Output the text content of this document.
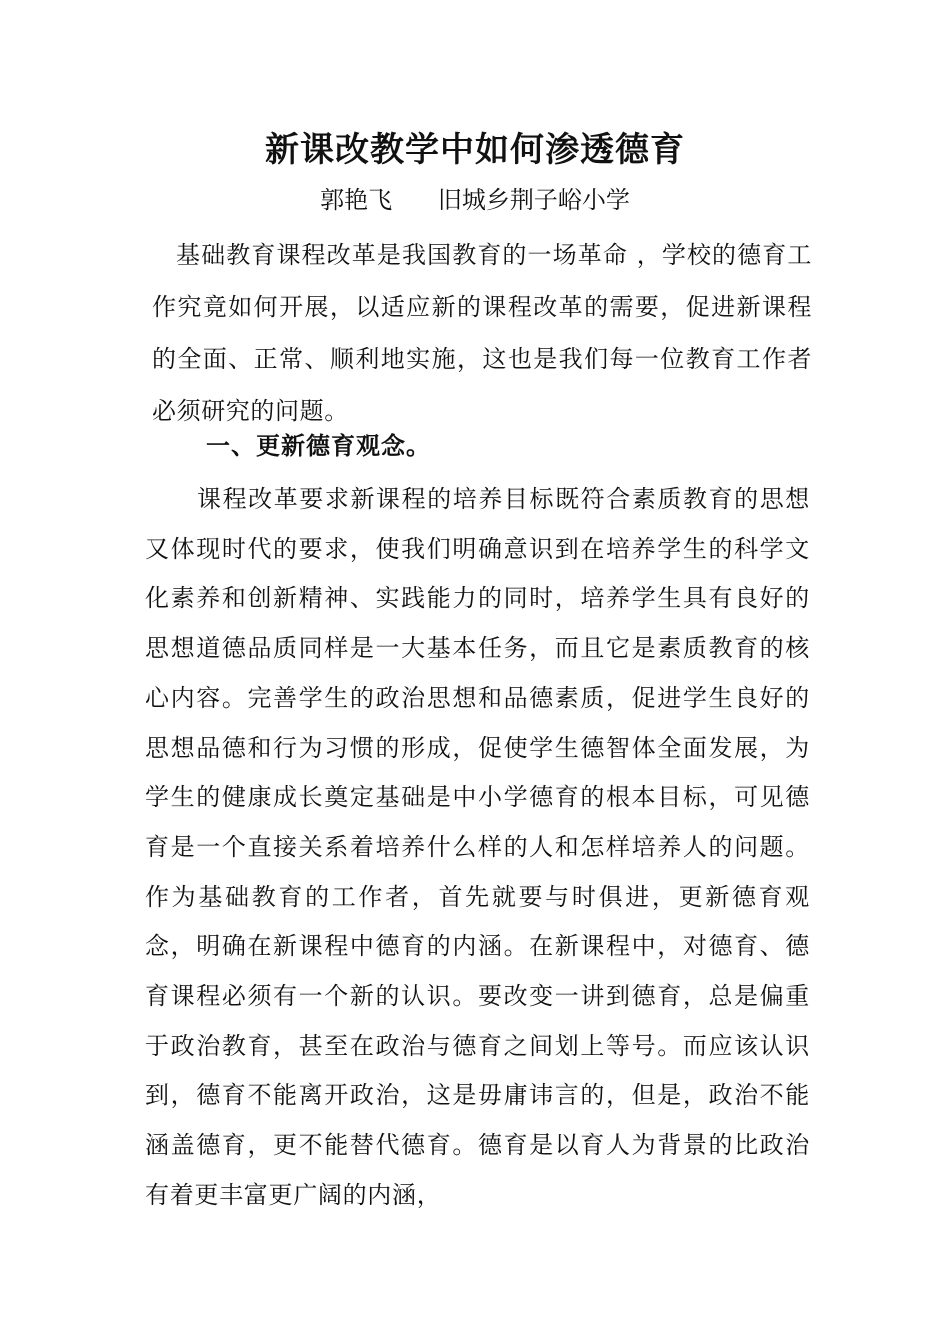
新课改教学中如何渗透德育

郭艳飞      旧城乡荆子峪小学

基础教育课程改革是我国教育的一场革命 ，学校的德育工作究竟如何开展，以适应新的课程改革的需要，促进新课程的全面、正常、顺利地实施，这也是我们每一位教育工作者必须研究的问题。

一、更新德育观念。

课程改革要求新课程的培养目标既符合素质教育的思想又体现时代的要求，使我们明确意识到在培养学生的科学文化素养和创新精神、实践能力的同时，培养学生具有良好的思想道德品质同样是一大基本任务，而且它是素质教育的核心内容。完善学生的政治思想和品德素质，促进学生良好的思想品德和行为习惯的形成，促使学生德智体全面发展，为学生的健康成长奠定基础是中小学德育的根本目标，可见德育是一个直接关系着培养什么样的人和怎样培养人的问题。作为基础教育的工作者，首先就要与时俱进，更新德育观念，明确在新课程中德育的内涵。在新课程中，对德育、德育课程必须有一个新的认识。要改变一讲到德育，总是偏重于政治教育，甚至在政治与德育之间划上等号。而应该认识到，德育不能离开政治，这是毋庸讳言的，但是，政治不能涵盖德育，更不能替代德育。德育是以育人为背景的比政治有着更丰富更广阔的内涵，
